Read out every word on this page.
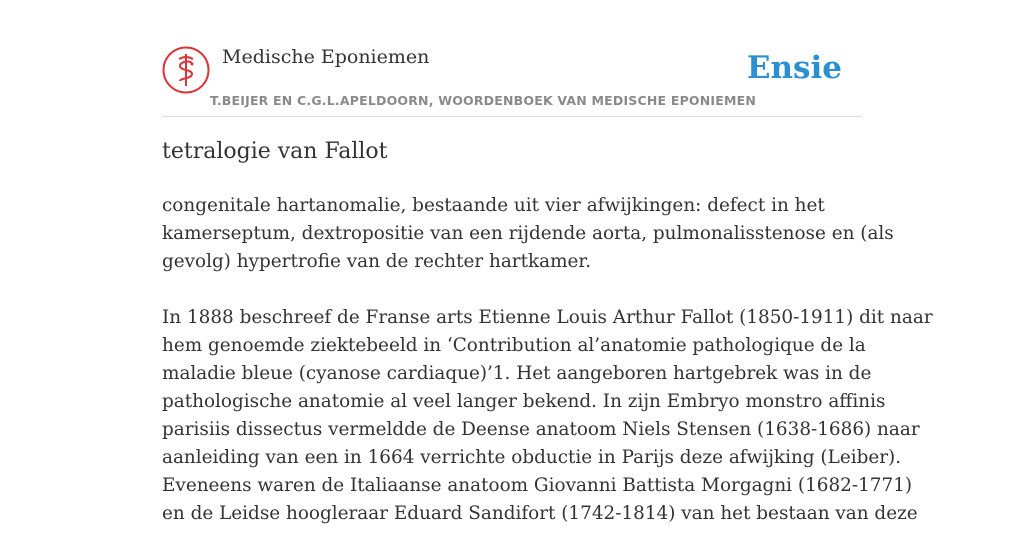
Medische Eponiemen
T.BEIJER EN C.G.L.APELDOORN, WOORDENBOEK VAN MEDISCHE EPONIEMEN
Ensie
tetralogie van Fallot

congenitale hartanomalie, bestaande uit vier afwijkingen: defect in het
kamerseptum, dextropositie van een rijdende aorta, pulmonalisstenose en (als
gevolg) hypertrofie van de rechter hartkamer.

In 1888 beschreef de Franse arts Etienne Louis Arthur Fallot (1850-1911) dit naar
hem genoemde ziektebeeld in ‘Contribution al’anatomie pathologique de la
maladie bleue (cyanose cardiaque)’1. Het aangeboren hartgebrek was in de
pathologische anatomie al veel langer bekend. In zijn Embryo monstro affinis
parisiis dissectus vermeldde de Deense anatoom Niels Stensen (1638-1686) naar
aanleiding van een in 1664 verrichte obductie in Parijs deze afwijking (Leiber).
Eveneens waren de Italiaanse anatoom Giovanni Battista Morgagni (1682-1771)
en de Leidse hoogleraar Eduard Sandifort (1742-1814) van het bestaan van deze
